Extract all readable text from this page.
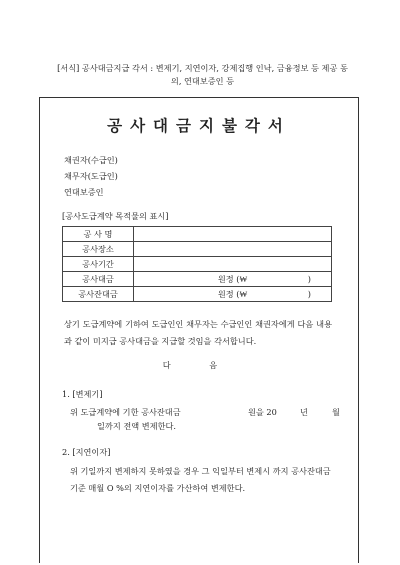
[서식] 공사대금지급 각서 : 변제기, 지연이자, 강제집행 인낙, 금융정보 등 제공 동
의, 연대보증인 등
공사대금지불각서
채권자(수급인)
채무자(도급인)
연대보증인
[공사도급계약 목적물의 표시]
공 사 명	
공사장소	
공사기간	
공사대금	원정 (₩ )

공사잔대금	원정 (₩ )
상기 도급계약에 기하여 도급인인 채무자는 수급인인 채권자에게 다음 내용과 같이 미지급 공사대금을 지급할 것임을 각서합니다.
다 음
1. [변제기]
위 도급계약에 기한 공사잔대금	원을 20	년	월
일까지 전액 변제한다.
2. [지연이자]
위 기일까지 변제하지 못하였을 경우 그 익일부터 변제시 까지 공사잔대금 기준 매월 O %의 지연이자를 가산하여 변제한다.
